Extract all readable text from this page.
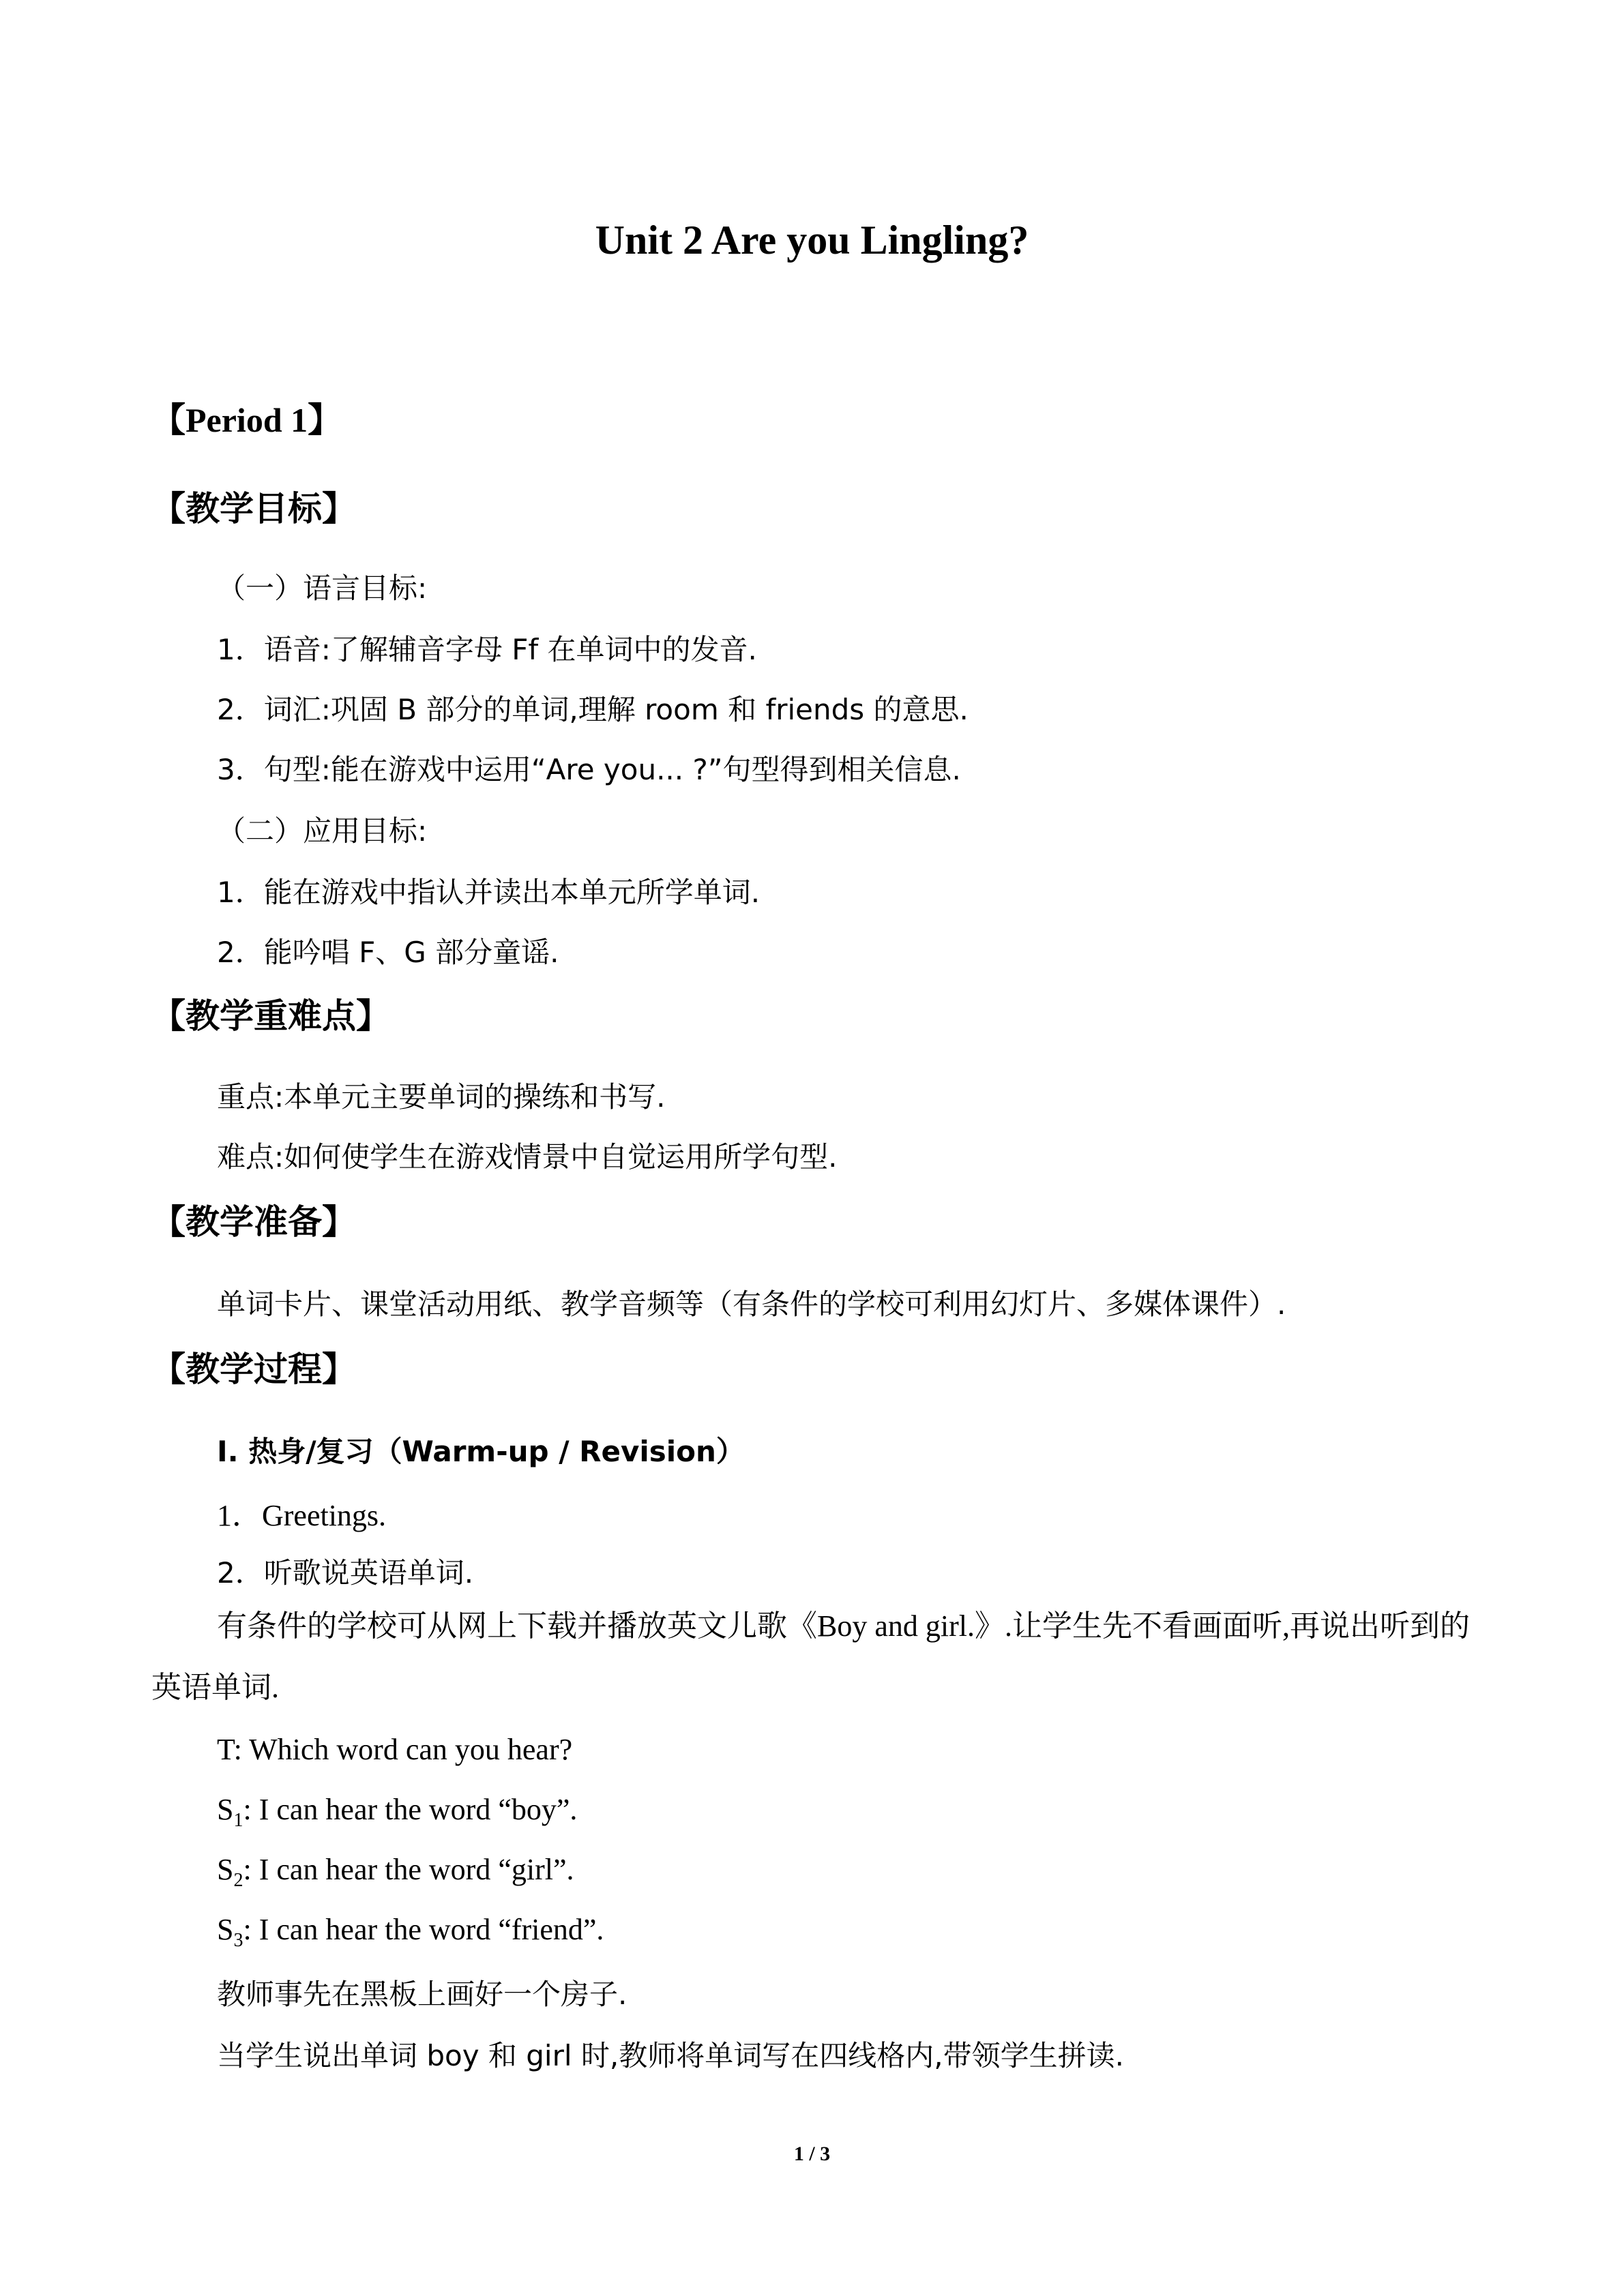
Unit 2 Are you Lingling?
【Period 1】
【教学目标】
（一）语言目标:
1．语音:了解辅音字母 Ff 在单词中的发音.
2．词汇:巩固 B 部分的单词,理解 room 和 friends 的意思.
3．句型:能在游戏中运用“Are you... ?”句型得到相关信息.
（二）应用目标:
1．能在游戏中指认并读出本单元所学单词.
2．能吟唱 F、G 部分童谣.
【教学重难点】
重点:本单元主要单词的操练和书写.
难点:如何使学生在游戏情景中自觉运用所学句型.
【教学准备】
单词卡片、课堂活动用纸、教学音频等（有条件的学校可利用幻灯片、多媒体课件）.
【教学过程】
I. 热身/复习（Warm-up / Revision）
1．Greetings.
2．听歌说英语单词.
有条件的学校可从网上下载并播放英文儿歌《Boy and girl.》.让学生先不看画面听,再说出听到的英语单词.
T: Which word can you hear?
$S_1$: I can hear the word “boy”.
$S_2$: I can hear the word “girl”.
$S_3$: I can hear the word “friend”.
教师事先在黑板上画好一个房子.
当学生说出单词 boy 和 girl 时,教师将单词写在四线格内,带领学生拼读.
1 / 3
